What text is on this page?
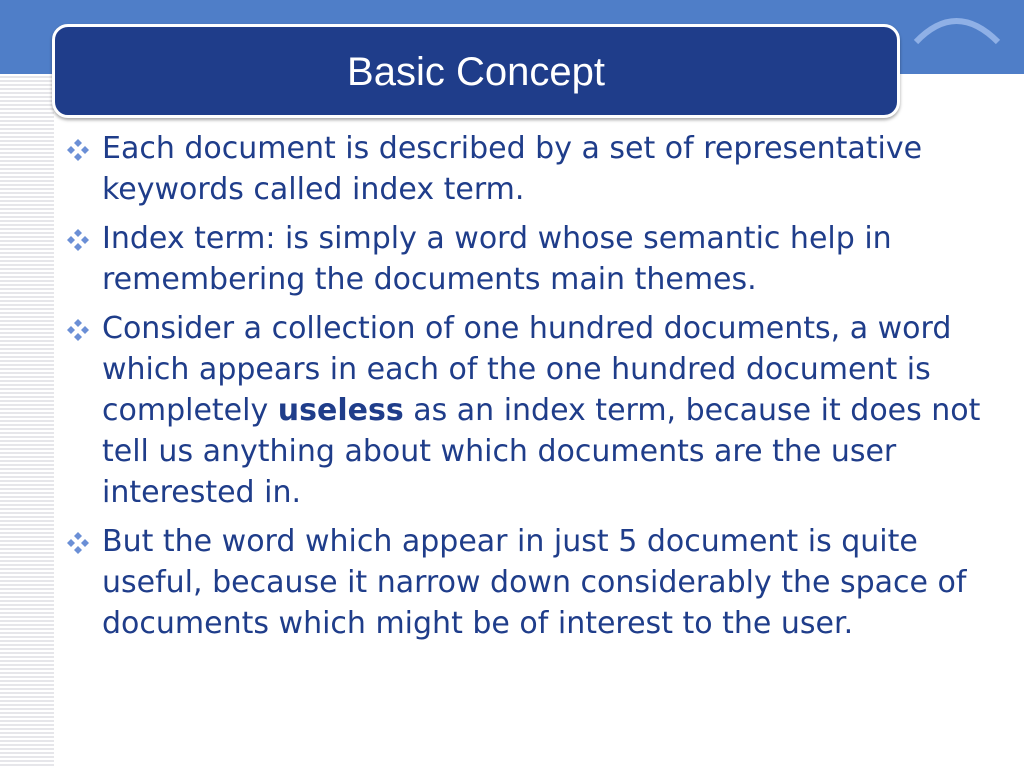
Basic Concept
Each document is described by a set of representative keywords called index term.
Index term: is simply a word whose semantic help in remembering the documents main themes.
Consider a collection of one hundred documents, a word which appears in each of the one hundred document is completely useless as an index term, because it does not tell us anything about which documents are the user interested in.
But the word which appear in just 5 document is quite useful, because it narrow down considerably the space of documents which might be of interest to the user.
